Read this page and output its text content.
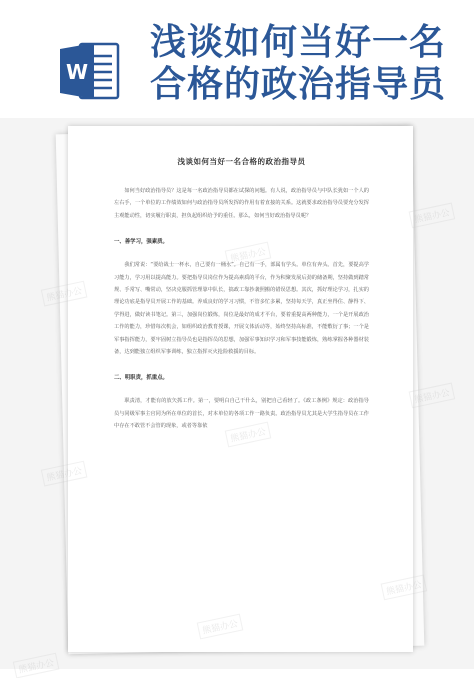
W
浅谈如何当好一名
合格的政治指导员
浅谈如何当好一名合格的政治指导员

如何当好政治指导员？这是每一名政治指导员都在试探的问题。有人说，政治指导员与中队长犹如一个人的左右手，一个单位的工作绩效如何与政治指导员所发挥的作用有着直接的关系。这就要求政治指导员要充分发挥主观能动性，切实履行职责，担负起组织给予的重任。那么，如何当好政治指导员呢？

一、善学习，强素质。

我们常说：“要给战士一杯水，自己要有一桶水”。自己有一手，部属有学头。单位有奔头。首先，要提高学习能力，学习用以提高能力。要把指导员岗位作为提高素质的平台，作为积聚发展后劲的储备期，坚持做到踏常规、手常写、嘴常动，坚决克服抓管理靠中队长，搞政工靠抄袭照搬的错误思想。其次，抓好理论学习，扎实的理论功底是指导员开展工作的基础。养成良好的学习习惯，不管多忙多累，坚持每天学，真正坐得住、静得下、学得进，做好读书笔记。第三，加强岗位锻炼，岗位是最好的成才平台，要着重提高两种能力，一个是开展政治工作的能力，珍惜每次机会，如组织政治教育授课，开展文体活动等，始终坚持高标准，不能敷衍了事；一个是军事指挥能力，要牢固树立指导员也是指挥员的思想，加强军事知识学习和军事技能锻炼，熟练掌握各种器材装备，达到能独立组织军事训练，独立指挥灭火抢险救援的目标。

二、明职责，抓重点。

职责清，才能有的放矢抓工作。第一，要明白自己干什么，别把自己看轻了。《政工条例》规定：政治指导员与同级军事主官同为所在单位的首长，对本单位的各项工作一路负责。政治指导员尤其是大学生指导员在工作中存在不敢管不会管的现象，或者等靠依

熊猫办公
熊猫办公
熊猫办公
熊猫办公
熊猫办公
熊猫办公
熊猫办公
熊猫办公
熊猫办公
